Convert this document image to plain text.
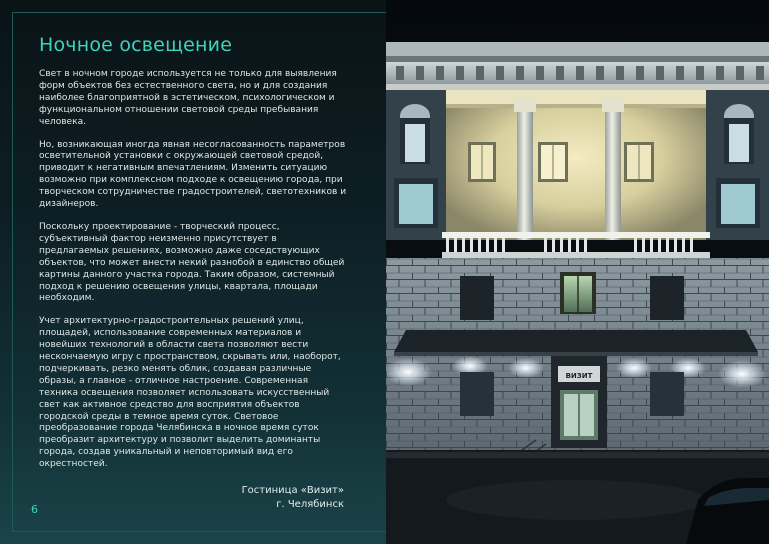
Ночное освещение

Свет в ночном городе используется не только для выявления форм объектов без естественного света, но и для создания наиболее благоприятной в эстетическом, психологическом и функциональном отношении световой среды пребывания человека.

Но, возникающая иногда явная несогласованность параметров осветительной установки с окружающей световой средой, приводит к негативным впечатлениям. Изменить ситуацию возможно при комплексном подходе к освещению города, при творческом сотрудничестве градостроителей, светотехников и дизайнеров.

Поскольку проектирование - творческий процесс, субъективный фактор неизменно присутствует в предлагаемых решениях, возможно даже соседствующих объектов, что может внести некий разнобой в единство общей картины данного участка города. Таким образом, системный подход к решению освещения улицы, квартала, площади необходим.

Учет архитектурно-градостроительных решений улиц, площадей, использование современных материалов и новейших технологий в области света позволяют вести нескончаемую игру с пространством, скрывать или, наоборот, подчеркивать, резко менять облик, создавая различные образы, а главное - отличное настроение. Современная техника освещения позволяет использовать искусственный свет как активное средство для восприятия объектов городской среды в темное время суток. Световое преобразование города Челябинска в ночное время суток преобразит архитектуру и позволит выделить доминанты города, создав уникальный и неповторимый вид его окрестностей.

Гостиница «Визит»
г. Челябинск
6
ВИЗИТ
